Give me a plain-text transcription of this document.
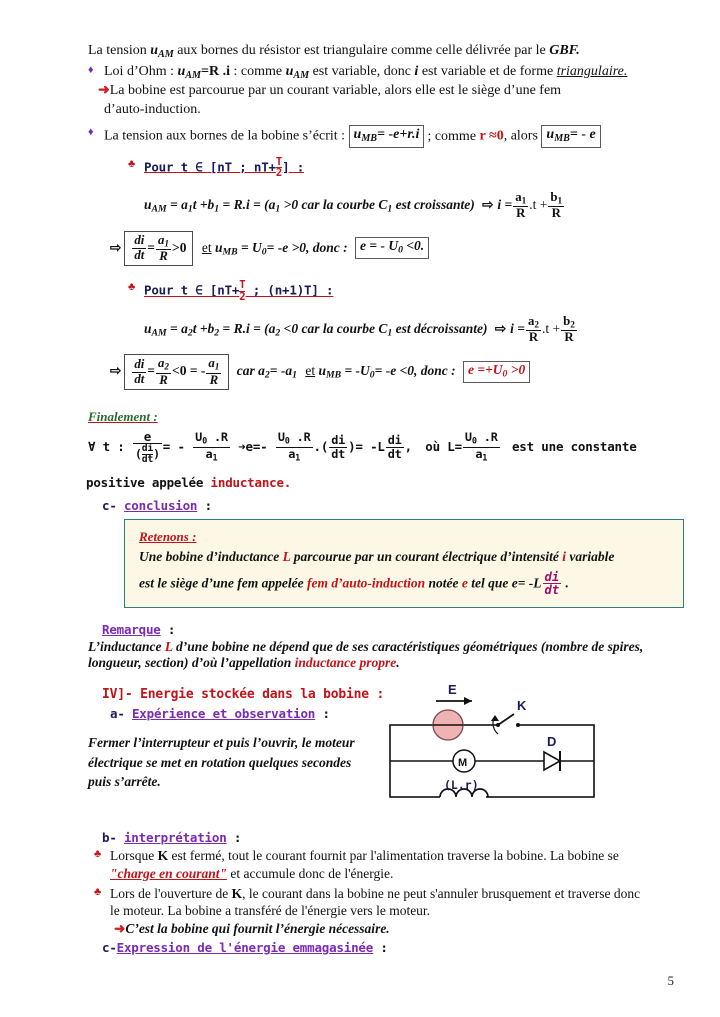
La tension $u_{AM}$ aux bornes du résistor est triangulaire comme celle délivrée par le GBF.
♦ Loi d’Ohm : $u_{AM}=R$ .i : comme $u_{AM}$ est variable, donc i est variable et de forme triangulaire.
➜La bobine est parcourue par un courant variable, alors elle est le siège d’une fem
d’auto-induction.
♦ La tension aux bornes de la bobine s’écrit : $u_{MB}= -e+r.i$ ; comme r ≈0, alors $u_{MB}= - e$
♣ Pour t ∈ [nT ; $nT+ \frac{T}{2}$ ] :
$u_{AM} = a_1t +b_1 = R.i = (a_1 >0$ car la courbe $C_1$ est croissante) ⇨ $i = \frac{a_1}{R} .t + \frac{b_1}{R}$
⇨ $\frac{di}{dt} = \frac{a_1}{R} >0$ et $u_{MB} = U_0= -e >0$, donc : e = - $U_0 <0$.
♣ Pour t ∈ [$nT+ \frac{T}{2}$ ; (n+1)T] :
$u_{AM} = a_2t +b_2 = R.i = (a_2 <0$ car la courbe $C_1$ est décroissante) ⇨ $i = \frac{a_2}{R} .t + \frac{b_2}{R}$
⇨ $\frac{di}{dt} = \frac{a_2}{R} <0$ = - $\frac{a_1}{R}$ car $a_2= -a_1$ et $u_{MB} = -U_0= -e <0$, donc : $e =+U_0 >0$
Finalement :
∀ t : $\frac{e}{( \frac{di}{dt} )}$ = - $\frac{U_0 .R}{a_1}$ ➜e=- $\frac{U_0 .R}{a_1}$ .( $\frac{di}{dt}$ )= $-L \frac{di}{dt}$ , où $L= \frac{U_0 .R}{a_1}$ est une constante
positive appelée inductance.
c- conclusion :
Retenons :
Une bobine d’inductance L parcourue par un courant électrique d’intensité i variable
est le siège d’une fem appelée fem d’auto-induction notée e tel que $e= -L \frac{di}{dt}$ .
Remarque :
L’inductance L d’une bobine ne dépend que de ses caractéristiques géométriques (nombre de spires,
longueur, section) d’où l’appellation inductance propre.
IV]- Energie stockée dans la bobine :
a- Expérience et observation :
Fermer l’interrupteur et puis l’ouvrir, le moteur
électrique se met en rotation quelques secondes
puis s’arrête.
b- interprétation :
♣ Lorsque K est fermé, tout le courant fournit par l'alimentation traverse la bobine. La bobine se
"charge en courant" et accumule donc de l'énergie.
♣ Lors de l'ouverture de K, le courant dans la bobine ne peut s'annuler brusquement et traverse donc
le moteur. La bobine a transféré de l'énergie vers le moteur.
➜C’est la bobine qui fournit l’énergie nécessaire.
c-Expression de l'énergie emmagasinée :
E
K
M
D
(L,r)
5
